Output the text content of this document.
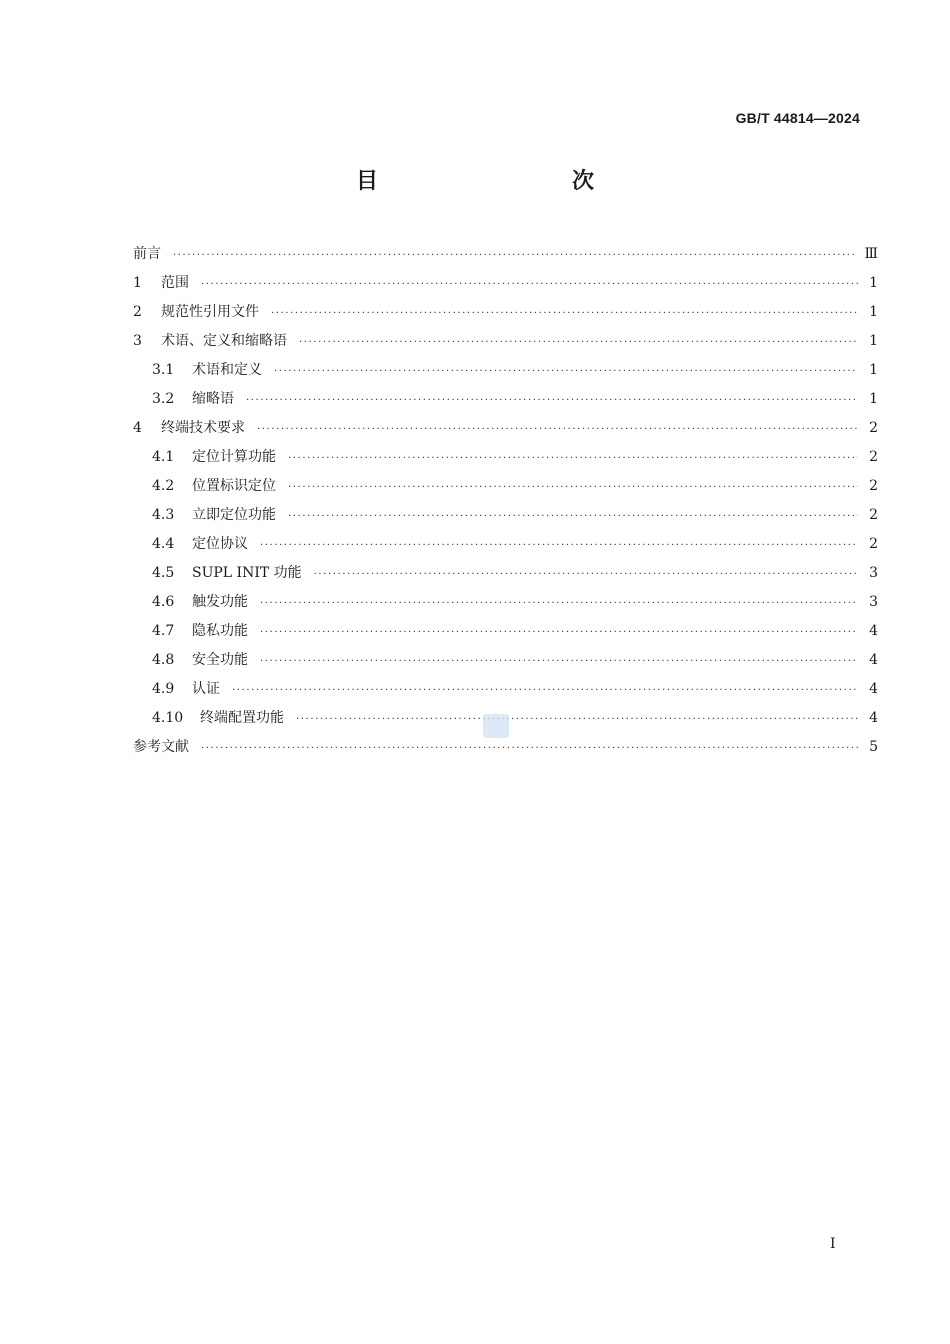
GB/T 44814—2024
目　　次
前言 ·····	Ⅲ
1	范围 ·····	1
2	规范性引用文件 ·····	1
3	术语、定义和缩略语 ·····	1
3.1	术语和定义 ·····	1
3.2	缩略语 ·····	1
4	终端技术要求 ·····	2
4.1	定位计算功能 ·····	2
4.2	位置标识定位 ·····	2
4.3	立即定位功能 ·····	2
4.4	定位协议 ·····	2
4.5	SUPL INIT 功能 ·····	3
4.6	触发功能 ·····	3
4.7	隐私功能 ·····	4
4.8	安全功能 ·····	4
4.9	认证 ·····	4
4.10	终端配置功能 ·····	4
参考文献 ·····	5
Ⅰ
